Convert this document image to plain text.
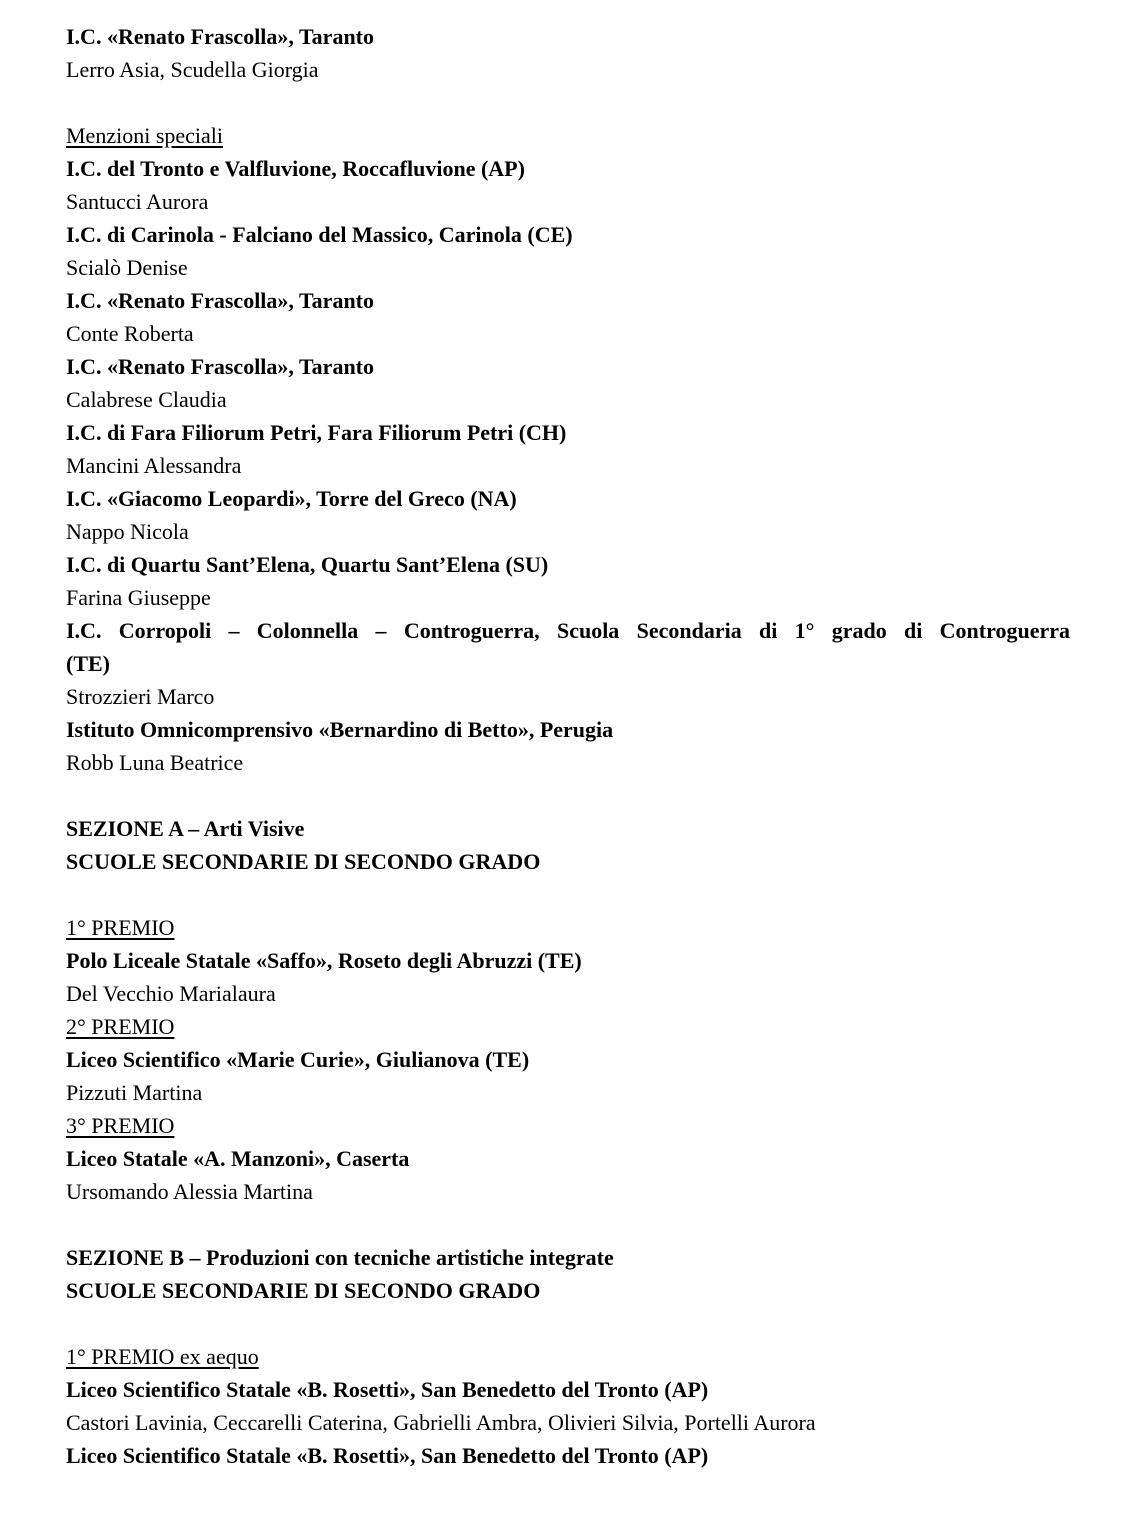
I.C. «Renato Frascolla», Taranto
Lerro Asia, Scudella Giorgia

Menzioni speciali
I.C. del Tronto e Valfluvione, Roccafluvione (AP)
Santucci Aurora
I.C. di Carinola - Falciano del Massico, Carinola (CE)
Scialò Denise
I.C. «Renato Frascolla», Taranto
Conte Roberta
I.C. «Renato Frascolla», Taranto
Calabrese Claudia
I.C. di Fara Filiorum Petri, Fara Filiorum Petri (CH)
Mancini Alessandra
I.C. «Giacomo Leopardi», Torre del Greco (NA)
Nappo Nicola
I.C. di Quartu Sant’Elena, Quartu Sant’Elena (SU)
Farina Giuseppe
I.C. Corropoli – Colonnella – Controguerra, Scuola Secondaria di 1° grado di Controguerra
(TE)
Strozzieri Marco
Istituto Omnicomprensivo «Bernardino di Betto», Perugia
Robb Luna Beatrice

SEZIONE A – Arti Visive
SCUOLE SECONDARIE DI SECONDO GRADO

1° PREMIO
Polo Liceale Statale «Saffo», Roseto degli Abruzzi (TE)
Del Vecchio Marialaura
2° PREMIO
Liceo Scientifico «Marie Curie», Giulianova (TE)
Pizzuti Martina
3° PREMIO
Liceo Statale «A. Manzoni», Caserta
Ursomando Alessia Martina

SEZIONE B – Produzioni con tecniche artistiche integrate
SCUOLE SECONDARIE DI SECONDO GRADO

1° PREMIO ex aequo
Liceo Scientifico Statale «B. Rosetti», San Benedetto del Tronto (AP)
Castori Lavinia, Ceccarelli Caterina, Gabrielli Ambra, Olivieri Silvia, Portelli Aurora
Liceo Scientifico Statale «B. Rosetti», San Benedetto del Tronto (AP)
